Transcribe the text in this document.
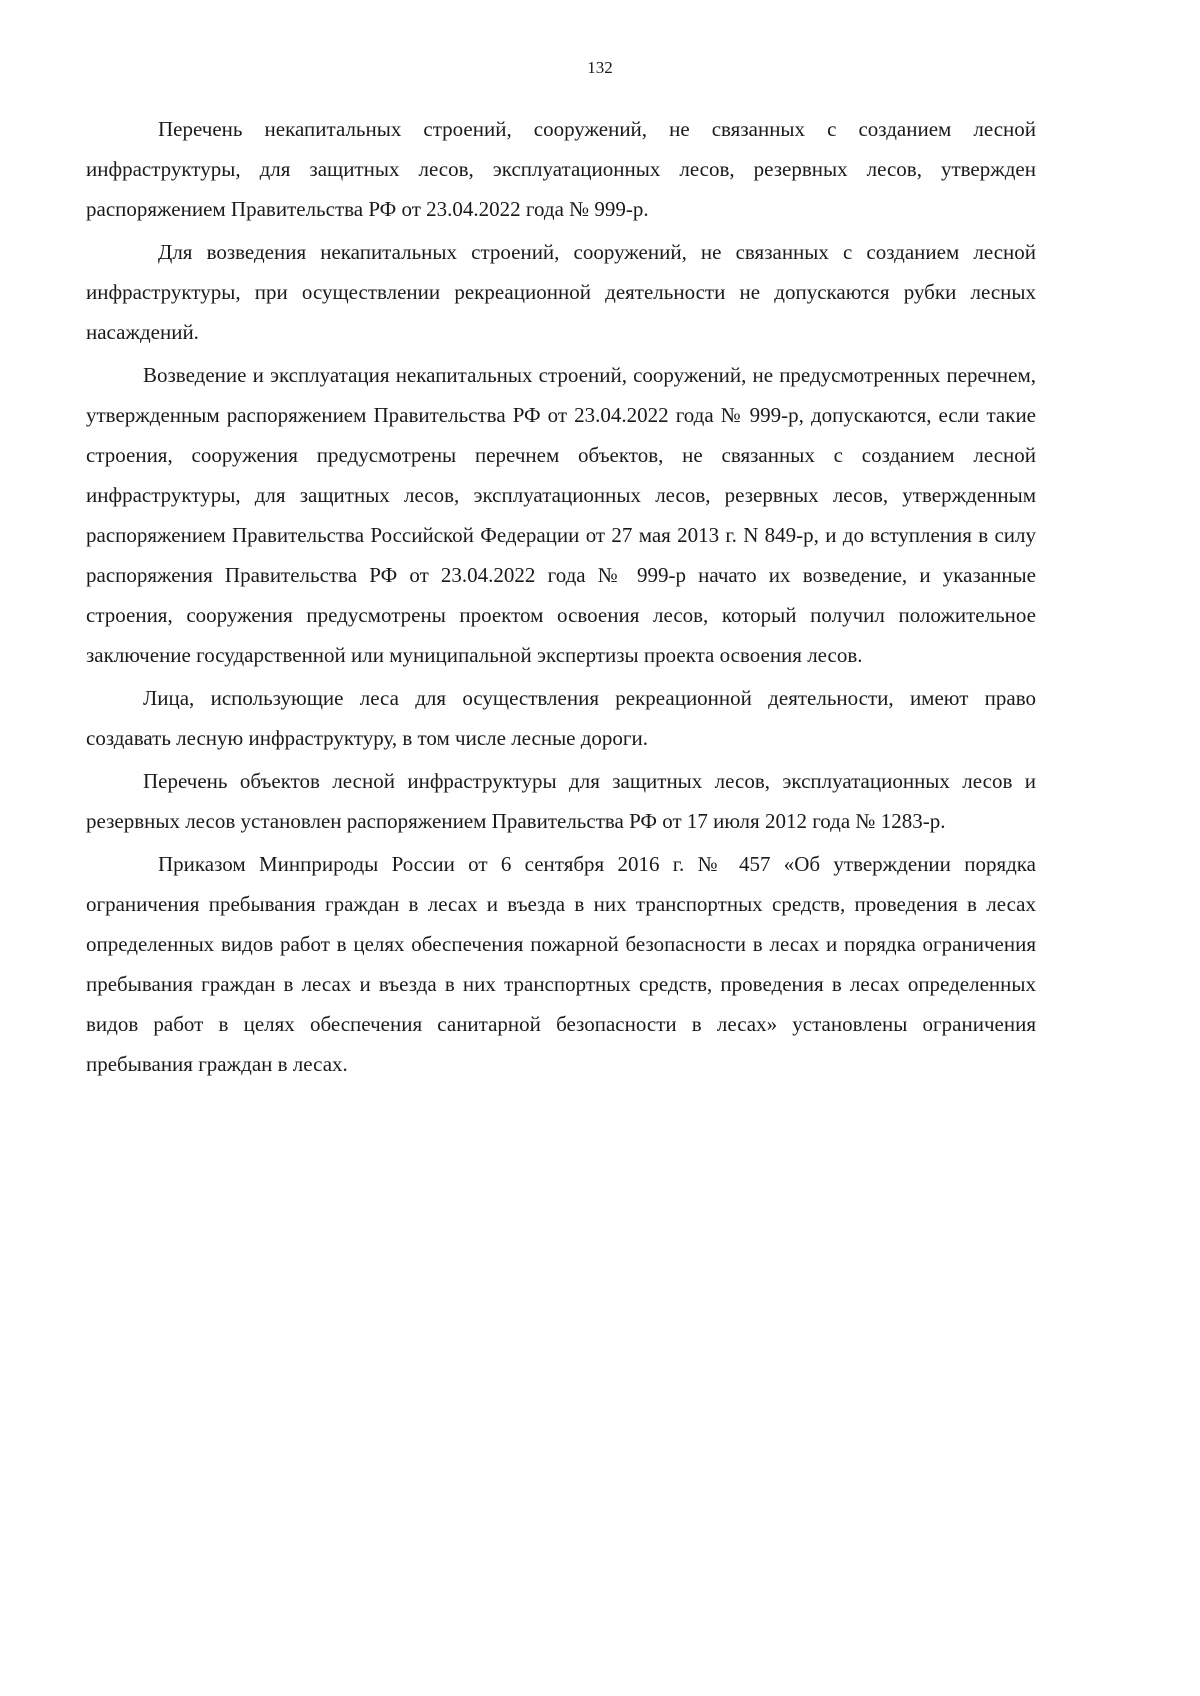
132

Перечень некапитальных строений, сооружений, не связанных с созданием лесной инфраструктуры, для защитных лесов, эксплуатационных лесов, резервных лесов, утвержден распоряжением Правительства РФ от 23.04.2022 года № 999-р.

Для возведения некапитальных строений, сооружений, не связанных с созданием лесной инфраструктуры, при осуществлении рекреационной деятельности не допускаются рубки лесных насаждений.

Возведение и эксплуатация некапитальных строений, сооружений, не предусмотренных перечнем, утвержденным распоряжением Правительства РФ от 23.04.2022 года № 999-р, допускаются, если такие строения, сооружения предусмотрены перечнем объектов, не связанных с созданием лесной инфраструктуры, для защитных лесов, эксплуатационных лесов, резервных лесов, утвержденным распоряжением Правительства Российской Федерации от 27 мая 2013 г. N 849-р, и до вступления в силу распоряжения Правительства РФ от 23.04.2022 года № 999-р начато их возведение, и указанные строения, сооружения предусмотрены проектом освоения лесов, который получил положительное заключение государственной или муниципальной экспертизы проекта освоения лесов.

Лица, использующие леса для осуществления рекреационной деятельности, имеют право создавать лесную инфраструктуру, в том числе лесные дороги.

Перечень объектов лесной инфраструктуры для защитных лесов, эксплуатационных лесов и резервных лесов установлен распоряжением Правительства РФ от 17 июля 2012 года № 1283-р.

Приказом Минприроды России от 6 сентября 2016 г. № 457 «Об утверждении порядка ограничения пребывания граждан в лесах и въезда в них транспортных средств, проведения в лесах определенных видов работ в целях обеспечения пожарной безопасности в лесах и порядка ограничения пребывания граждан в лесах и въезда в них транспортных средств, проведения в лесах определенных видов работ в целях обеспечения санитарной безопасности в лесах» установлены ограничения пребывания граждан в лесах.
